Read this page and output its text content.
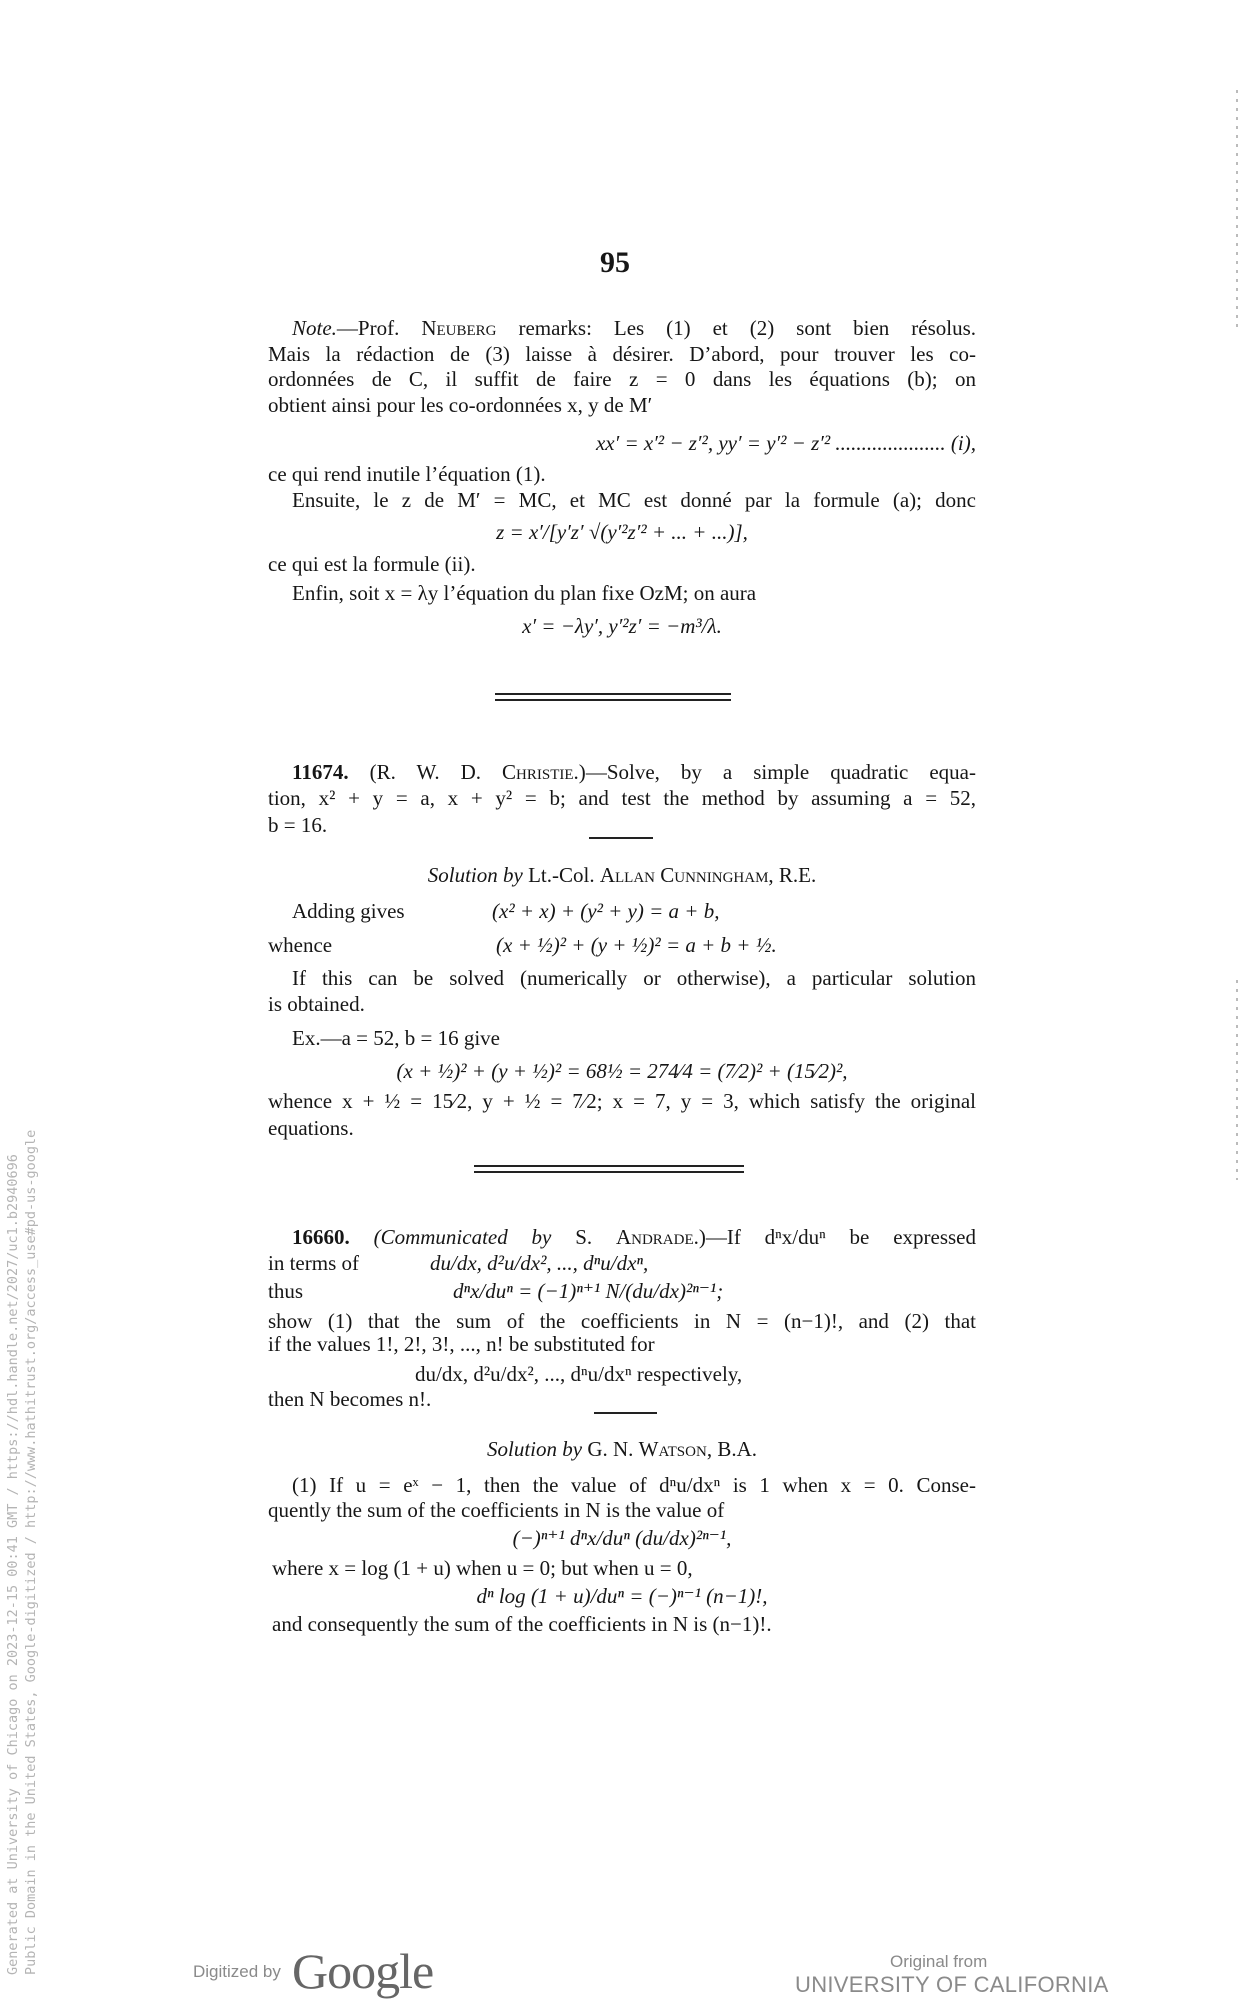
95
Note.—Prof. Neuberg remarks: Les (1) et (2) sont bien résolus.
Mais la rédaction de (3) laisse à désirer. D’abord, pour trouver les co-
ordonnées de C, il suffit de faire z = 0 dans les équations (b); on
obtient ainsi pour les co-ordonnées x, y de M′
xx′ = x′² − z′², yy′ = y′² − z′² ..................... (i),
ce qui rend inutile l’équation (1).
Ensuite, le z de M′ = MC, et MC est donné par la formule (a); donc
z = x′/[y′z′ √(y′²z′² + ... + ...)],
ce qui est la formule (ii).
Enfin, soit x = λy l’équation du plan fixe OzM; on aura
x′ = −λy′, y′²z′ = −m³/λ.
11674. (R. W. D. Christie.)—Solve, by a simple quadratic equa-
tion, x² + y = a, x + y² = b; and test the method by assuming a = 52,
b = 16.
Solution by Lt.-Col. Allan Cunningham, R.E.
Adding gives	(x² + x) + (y² + y) = a + b,
whence	(x + ½)² + (y + ½)² = a + b + ½.
If this can be solved (numerically or otherwise), a particular solution
is obtained.
Ex.—a = 52, b = 16 give
(x + ½)² + (y + ½)² = 68½ = 274⁄4 = (7⁄2)² + (15⁄2)²,
whence x + ½ = 15⁄2, y + ½ = 7⁄2; x = 7, y = 3, which satisfy the original
equations.
16660. (Communicated by S. Andrade.)—If dⁿx/duⁿ be expressed
in terms of	du/dx, d²u/dx², ..., dⁿu/dxⁿ,
thus	dⁿx/duⁿ = (−1)ⁿ⁺¹ N/(du/dx)²ⁿ⁻¹;
show (1) that the sum of the coefficients in N = (n−1)!, and (2) that
if the values 1!, 2!, 3!, ..., n! be substituted for
du/dx, d²u/dx², ..., dⁿu/dxⁿ respectively,
then N becomes n!.
Solution by G. N. Watson, B.A.
(1) If u = eˣ − 1, then the value of dⁿu/dxⁿ is 1 when x = 0. Conse-
quently the sum of the coefficients in N is the value of
(−)ⁿ⁺¹ dⁿx/duⁿ (du/dx)²ⁿ⁻¹,
where x = log (1 + u) when u = 0; but when u = 0,
dⁿ log (1 + u)/duⁿ = (−)ⁿ⁻¹ (n−1)!,
and consequently the sum of the coefficients in N is (n−1)!.
Generated at University of Chicago on 2023-12-15 00:41 GMT / https://hdl.handle.net/2027/uc1.b2940696 Public Domain in the United States, Google-digitized / http://www.hathitrust.org/access_use#pd-us-google	Digitized by Google	Original from
UNIVERSITY OF CALIFORNIA
